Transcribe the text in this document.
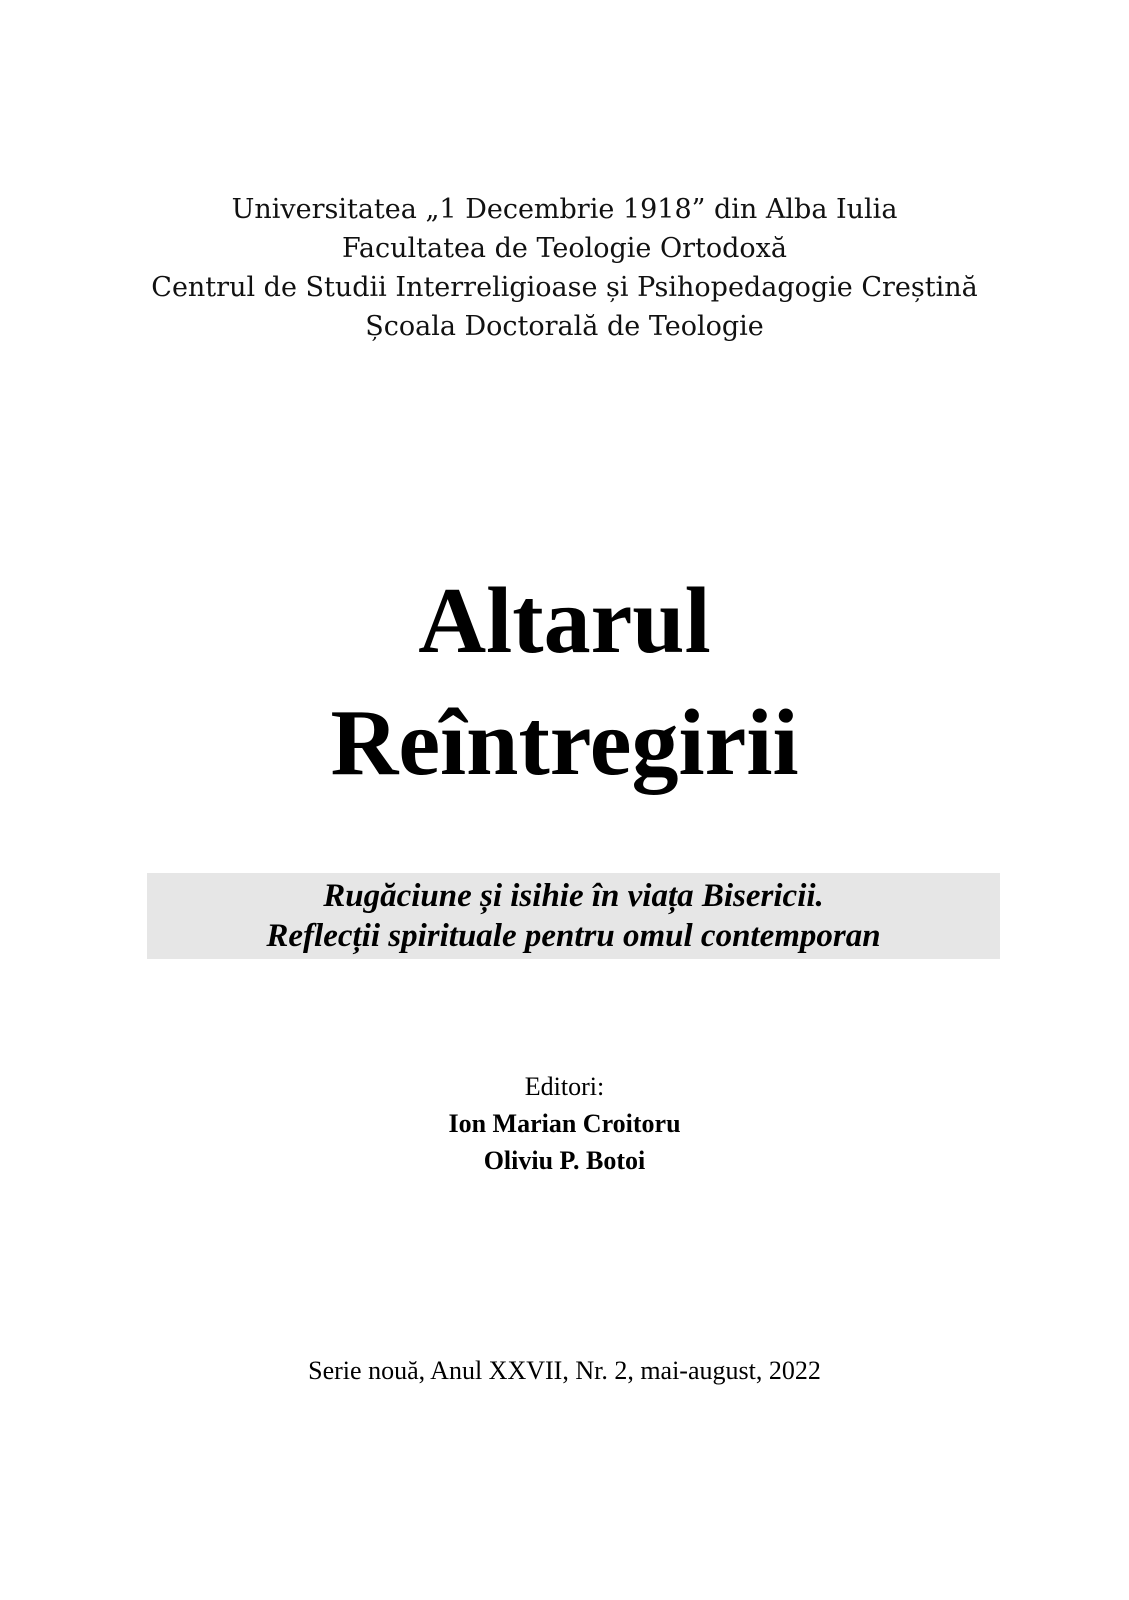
Universitatea „1 Decembrie 1918” din Alba Iulia
Facultatea de Teologie Ortodoxă
Centrul de Studii Interreligioase și Psihopedagogie Creștină
Școala Doctorală de Teologie
Altarul
Reîntregirii
Rugăciune și isihie în viața Bisericii.
Reflecții spirituale pentru omul contemporan
Editori:
Ion Marian Croitoru
Oliviu P. Botoi
Serie nouă, Anul XXVII, Nr. 2, mai-august, 2022
